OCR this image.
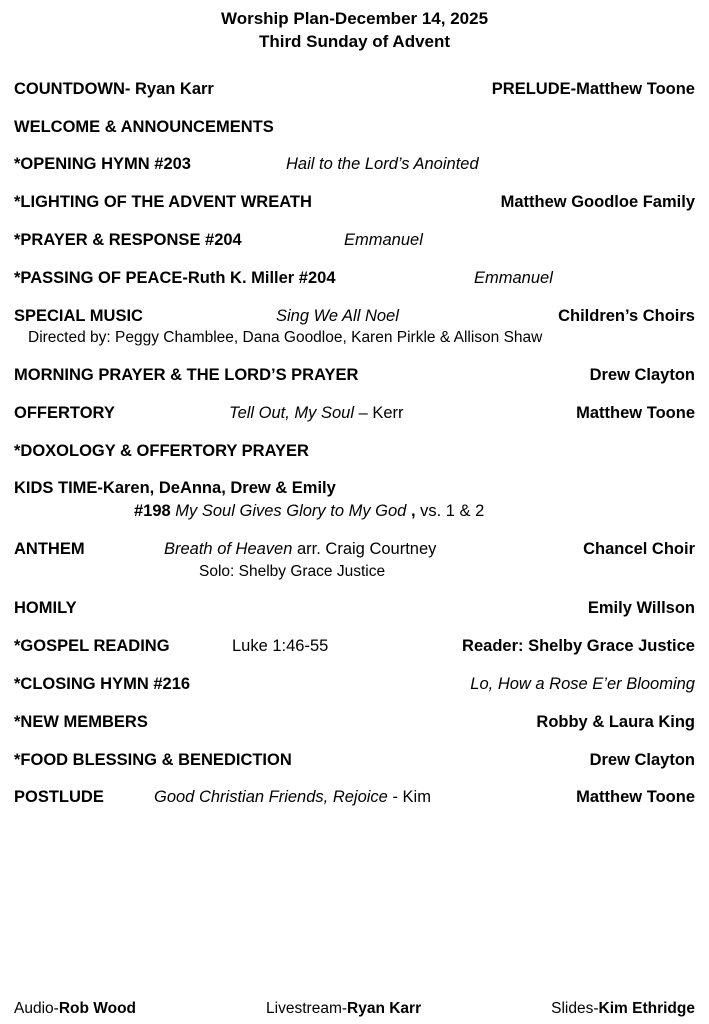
Worship Plan-December 14, 2025
Third Sunday of Advent
COUNTDOWN- Ryan Karr	PRELUDE-Matthew Toone
WELCOME & ANNOUNCEMENTS
*OPENING HYMN #203	Hail to the Lord’s Anointed
*LIGHTING OF THE ADVENT WREATH	Matthew Goodloe Family
*PRAYER & RESPONSE #204	Emmanuel
*PASSING OF PEACE-Ruth K. Miller #204	Emmanuel
SPECIAL MUSIC	Sing We All Noel	Children’s Choirs
Directed by: Peggy Chamblee, Dana Goodloe, Karen Pirkle & Allison Shaw
MORNING PRAYER & THE LORD’S PRAYER	Drew Clayton
OFFERTORY	Tell Out, My Soul – Kerr	Matthew Toone
*DOXOLOGY & OFFERTORY PRAYER
KIDS TIME-Karen, DeAnna, Drew & Emily
#198 My Soul Gives Glory to My God , vs. 1 & 2
ANTHEM	Breath of Heaven arr. Craig Courtney	Chancel Choir
Solo: Shelby Grace Justice
HOMILY	Emily Willson
*GOSPEL READING	Luke 1:46-55	Reader: Shelby Grace Justice
*CLOSING HYMN #216	Lo, How a Rose E’er Blooming
*NEW MEMBERS	Robby & Laura King
*FOOD BLESSING & BENEDICTION	Drew Clayton
POSTLUDE	Good Christian Friends, Rejoice - Kim	Matthew Toone
Audio-Rob Wood	Livestream-Ryan Karr	Slides-Kim Ethridge
